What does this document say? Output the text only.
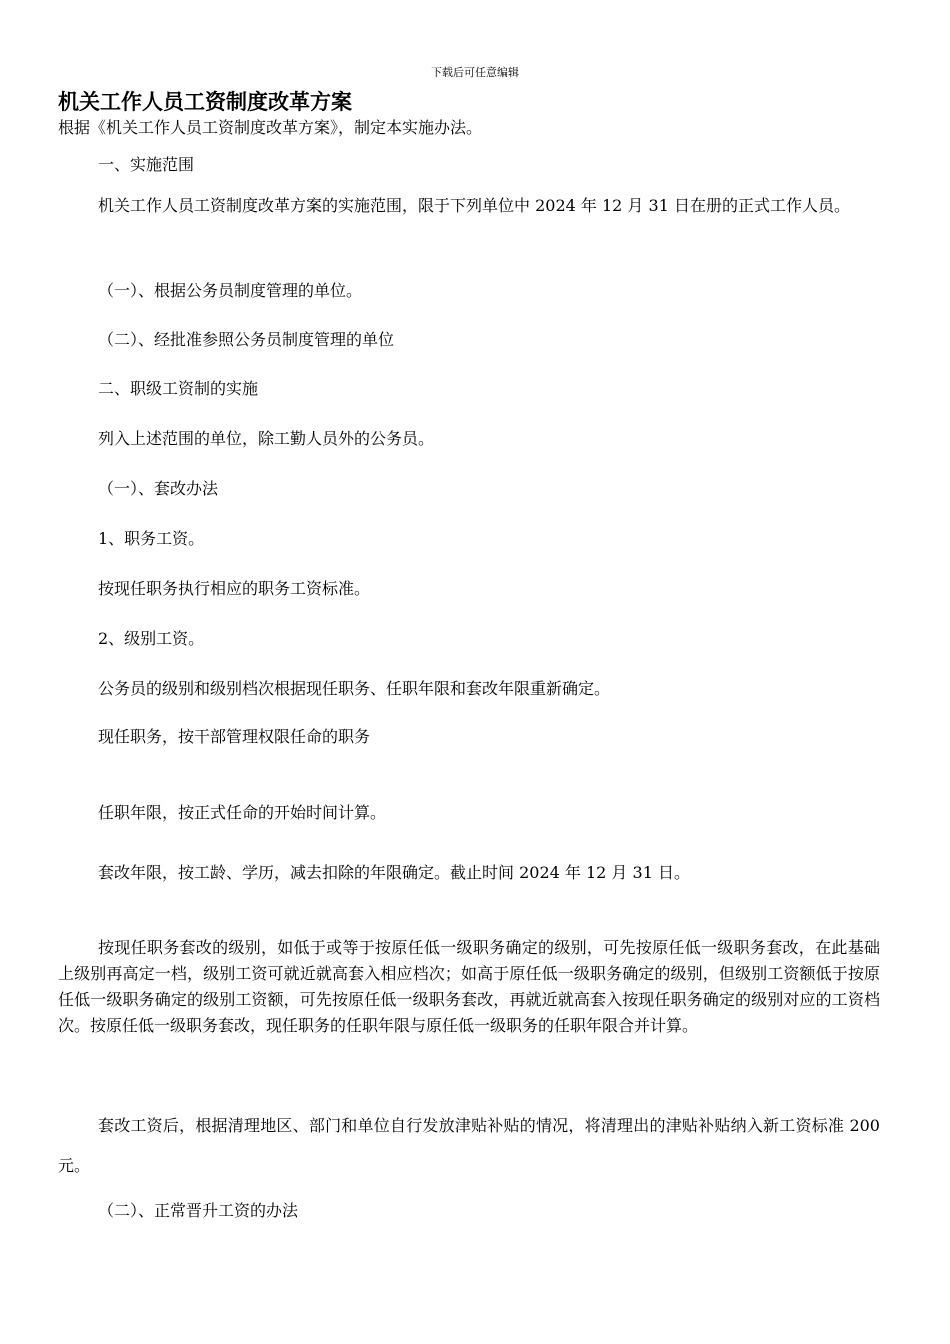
下载后可任意编辑
机关工作人员工资制度改革方案
根据《机关工作人员工资制度改革方案》，制定本实施办法。
一、实施范围
机关工作人员工资制度改革方案的实施范围，限于下列单位中 2024 年 12 月 31 日在册的正式工作人员。
（一）、根据公务员制度管理的单位。
（二）、经批准参照公务员制度管理的单位
二、职级工资制的实施
列入上述范围的单位，除工勤人员外的公务员。
（一）、套改办法
1、职务工资。
按现任职务执行相应的职务工资标准。
2、级别工资。
公务员的级别和级别档次根据现任职务、任职年限和套改年限重新确定。
现任职务，按干部管理权限任命的职务
任职年限，按正式任命的开始时间计算。
套改年限，按工龄、学历，减去扣除的年限确定。截止时间 2024 年 12 月 31 日。
按现任职务套改的级别，如低于或等于按原任低一级职务确定的级别，可先按原任低一级职务套改，在此基础上级别再高定一档，级别工资可就近就高套入相应档次；如高于原任低一级职务确定的级别，但级别工资额低于按原任低一级职务确定的级别工资额，可先按原任低一级职务套改，再就近就高套入按现任职务确定的级别对应的工资档次。按原任低一级职务套改，现任职务的任职年限与原任低一级职务的任职年限合并计算。
套改工资后，根据清理地区、部门和单位自行发放津贴补贴的情况，将清理出的津贴补贴纳入新工资标准 200 元。
（二）、正常晋升工资的办法
